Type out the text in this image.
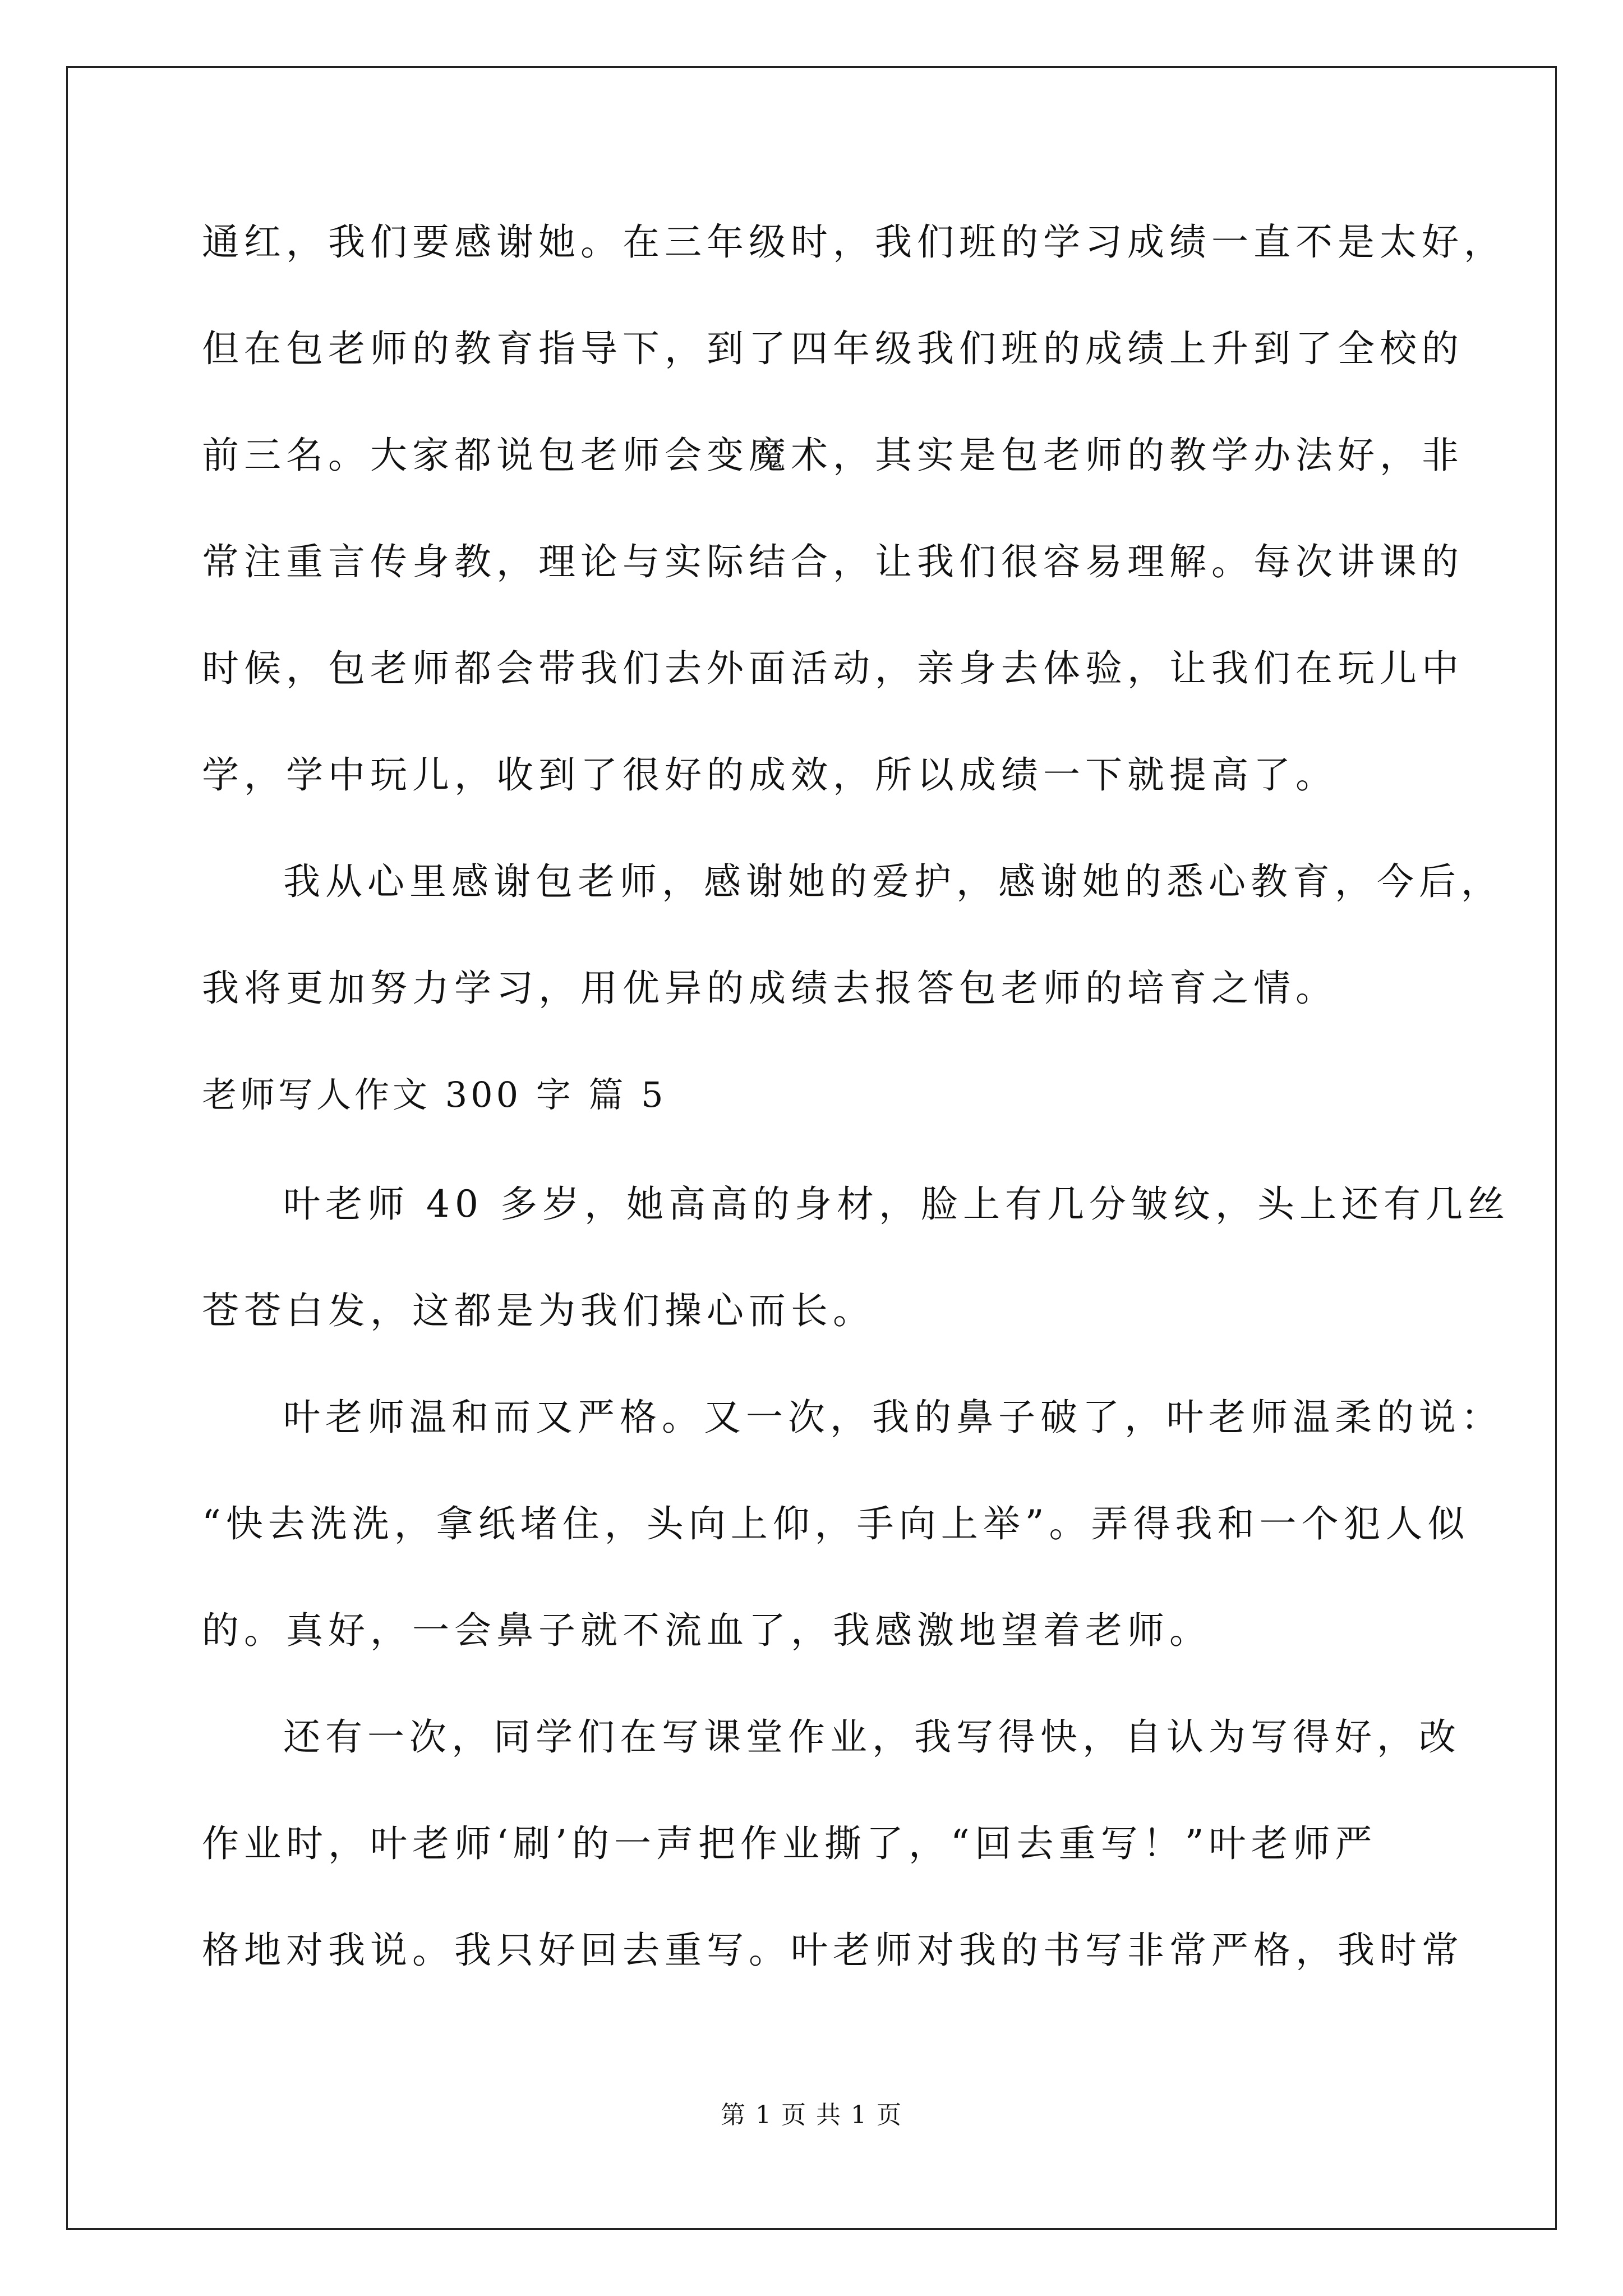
通红，我们要感谢她。在三年级时，我们班的学习成绩一直不是太好，
但在包老师的教育指导下，到了四年级我们班的成绩上升到了全校的
前三名。大家都说包老师会变魔术，其实是包老师的教学办法好，非
常注重言传身教，理论与实际结合，让我们很容易理解。每次讲课的
时候，包老师都会带我们去外面活动，亲身去体验，让我们在玩儿中
学，学中玩儿，收到了很好的成效，所以成绩一下就提高了。
我从心里感谢包老师，感谢她的爱护，感谢她的悉心教育，今后，
我将更加努力学习，用优异的成绩去报答包老师的培育之情。
老师写人作文 300 字 篇 5
叶老师 40 多岁，她高高的身材，脸上有几分皱纹，头上还有几丝
苍苍白发，这都是为我们操心而长。
叶老师温和而又严格。又一次，我的鼻子破了，叶老师温柔的说：
“快去洗洗，拿纸堵住，头向上仰，手向上举”。弄得我和一个犯人似
的。真好，一会鼻子就不流血了，我感激地望着老师。
还有一次，同学们在写课堂作业，我写得快，自认为写得好，改
作业时，叶老师‘刷’的一声把作业撕了，“回去重写！”叶老师严
格地对我说。我只好回去重写。叶老师对我的书写非常严格，我时常
第 1 页 共 1 页
